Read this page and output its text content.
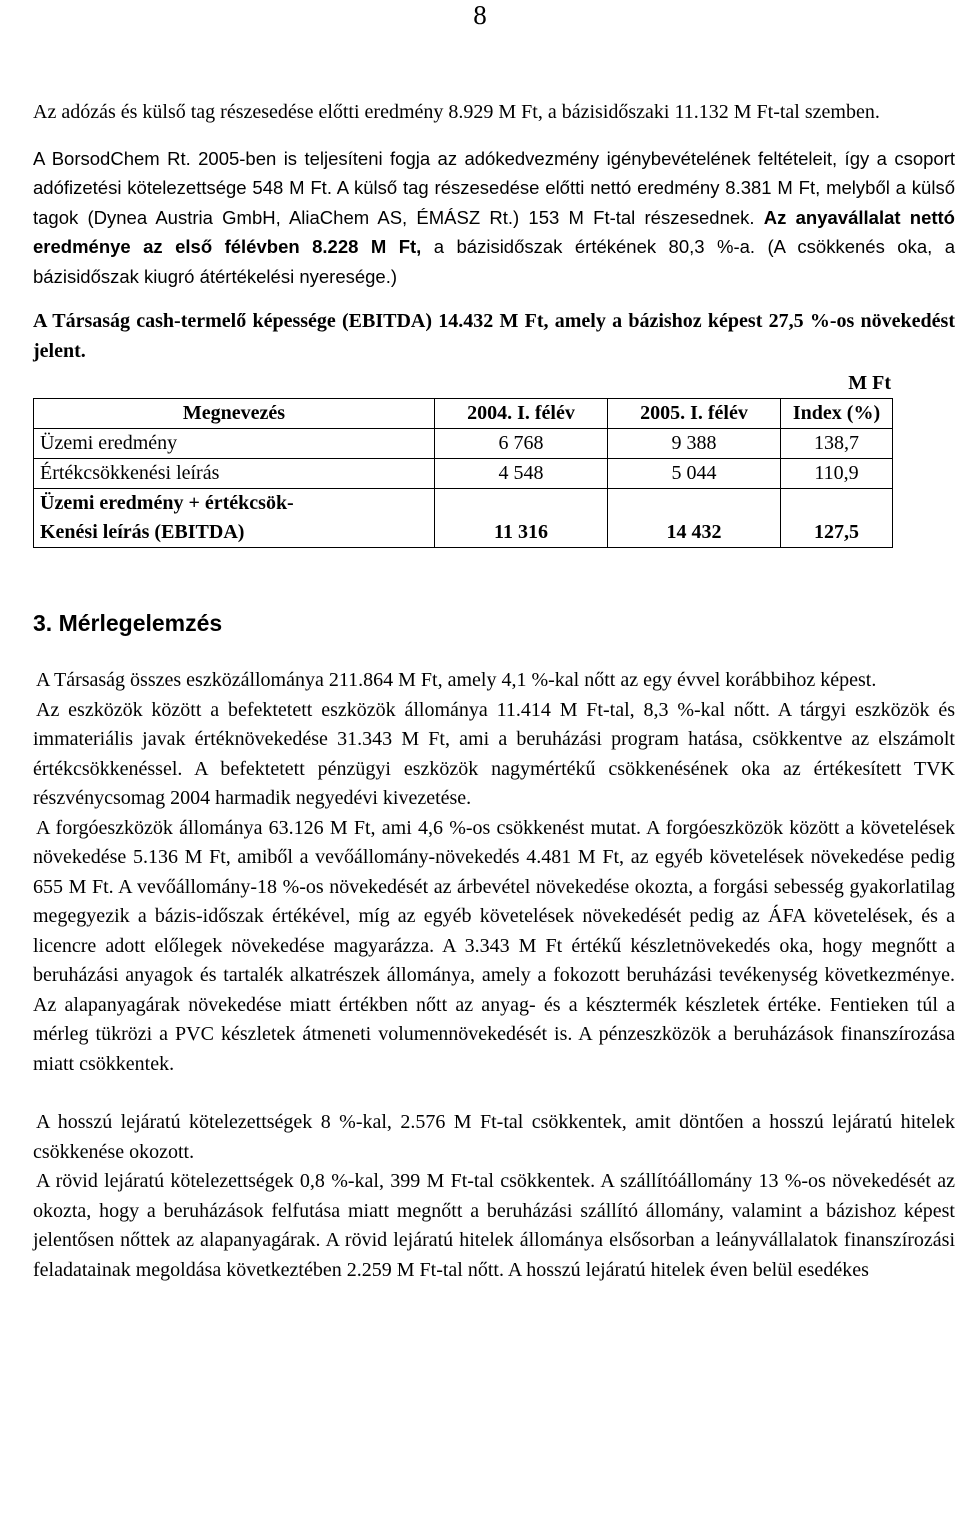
8

Az adózás és külső tag részesedése előtti eredmény 8.929 M Ft, a bázisidőszaki 11.132 M Ft-tal szemben.

A BorsodChem Rt. 2005-ben is teljesíteni fogja az adókedvezmény igénybevételének feltételeit, így a csoport adófizetési kötelezettsége 548 M Ft. A külső tag részesedése előtti nettó eredmény 8.381 M Ft, melyből a külső tagok (Dynea Austria GmbH, AliaChem AS, ÉMÁSZ Rt.) 153 M Ft-tal részesednek. Az anyavállalat nettó eredménye az első félévben 8.228 M Ft, a bázisidőszak értékének 80,3 %-a. (A csökkenés oka, a bázisidőszak kiugró átértékelési nyeresége.)

A Társaság cash-termelő képessége (EBITDA) 14.432 M Ft, amely a bázishoz képest 27,5 %-os növekedést jelent.

M Ft
Megnevezés	2004. I. félév	2005. I. félév	Index (%)
Üzemi eredmény	6 768	9 388	138,7
Értékcsökkenési leírás	4 548	5 044	110,9

Üzemi eredmény + értékcsök-
Kenési leírás (EBITDA)	11 316	14 432	127,5
3. Mérlegelemzés

A Társaság összes eszközállománya 211.864 M Ft, amely 4,1 %-kal nőtt az egy évvel korábbihoz képest.

Az eszközök között a befektetett eszközök állománya 11.414 M Ft-tal, 8,3 %-kal nőtt. A tárgyi eszközök és immateriális javak értéknövekedése 31.343 M Ft, ami a beruházási program hatása, csökkentve az elszámolt értékcsökkenéssel. A befektetett pénzügyi eszközök nagymértékű csökkenésének oka az értékesített TVK részvénycsomag 2004 harmadik negyedévi kivezetése.

A forgóeszközök állománya 63.126 M Ft, ami 4,6 %-os csökkenést mutat. A forgóeszközök között a követelések növekedése 5.136 M Ft, amiből a vevőállomány-növekedés 4.481 M Ft, az egyéb követelések növekedése pedig 655 M Ft. A vevőállomány-18 %-os növekedését az árbevétel növekedése okozta, a forgási sebesség gyakorlatilag megegyezik a bázis-időszak értékével, míg az egyéb követelések növekedését pedig az ÁFA követelések, és a licencre adott előlegek növekedése magyarázza. A 3.343 M Ft értékű készletnövekedés oka, hogy megnőtt a beruházási anyagok és tartalék alkatrészek állománya, amely a fokozott beruházási tevékenység következménye. Az alapanyagárak növekedése miatt értékben nőtt az anyag- és a késztermék készletek értéke. Fentieken túl a mérleg tükrözi a PVC készletek átmeneti volumennövekedését is. A pénzeszközök a beruházások finanszírozása miatt csökkentek.

A hosszú lejáratú kötelezettségek 8 %-kal, 2.576 M Ft-tal csökkentek, amit döntően a hosszú lejáratú hitelek csökkenése okozott.

A rövid lejáratú kötelezettségek 0,8 %-kal, 399 M Ft-tal csökkentek. A szállítóállomány 13 %-os növekedését az okozta, hogy a beruházások felfutása miatt megnőtt a beruházási szállító állomány, valamint a bázishoz képest jelentősen nőttek az alapanyagárak. A rövid lejáratú hitelek állománya elsősorban a leányvállalatok finanszírozási feladatainak megoldása következtében 2.259 M Ft-tal nőtt. A hosszú lejáratú hitelek éven belül esedékes
